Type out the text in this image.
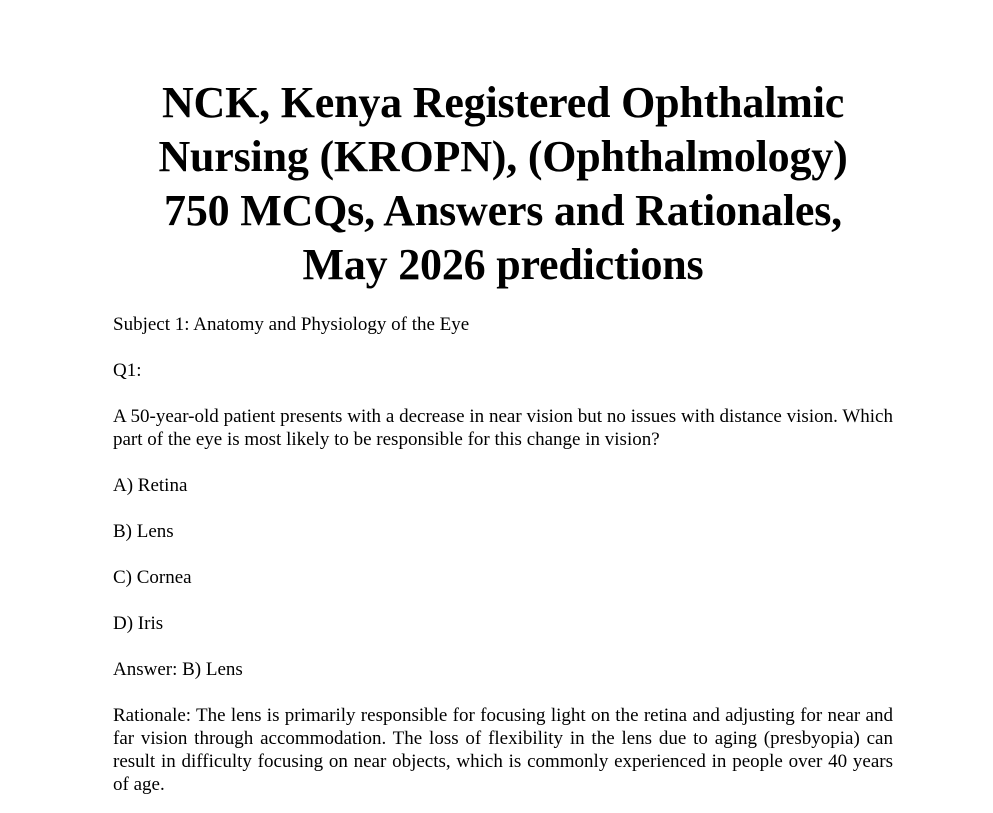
NCK, Kenya Registered Ophthalmic
Nursing (KROPN), (Ophthalmology)
750 MCQs, Answers and Rationales,
May 2026 predictions

Subject 1: Anatomy and Physiology of the Eye

Q1:

A 50-year-old patient presents with a decrease in near vision but no issues with distance vision. Which part of the eye is most likely to be responsible for this change in vision?

A) Retina

B) Lens

C) Cornea

D) Iris

Answer: B) Lens

Rationale: The lens is primarily responsible for focusing light on the retina and adjusting for near and far vision through accommodation. The loss of flexibility in the lens due to aging (presbyopia) can result in difficulty focusing on near objects, which is commonly experienced in people over 40 years of age.
